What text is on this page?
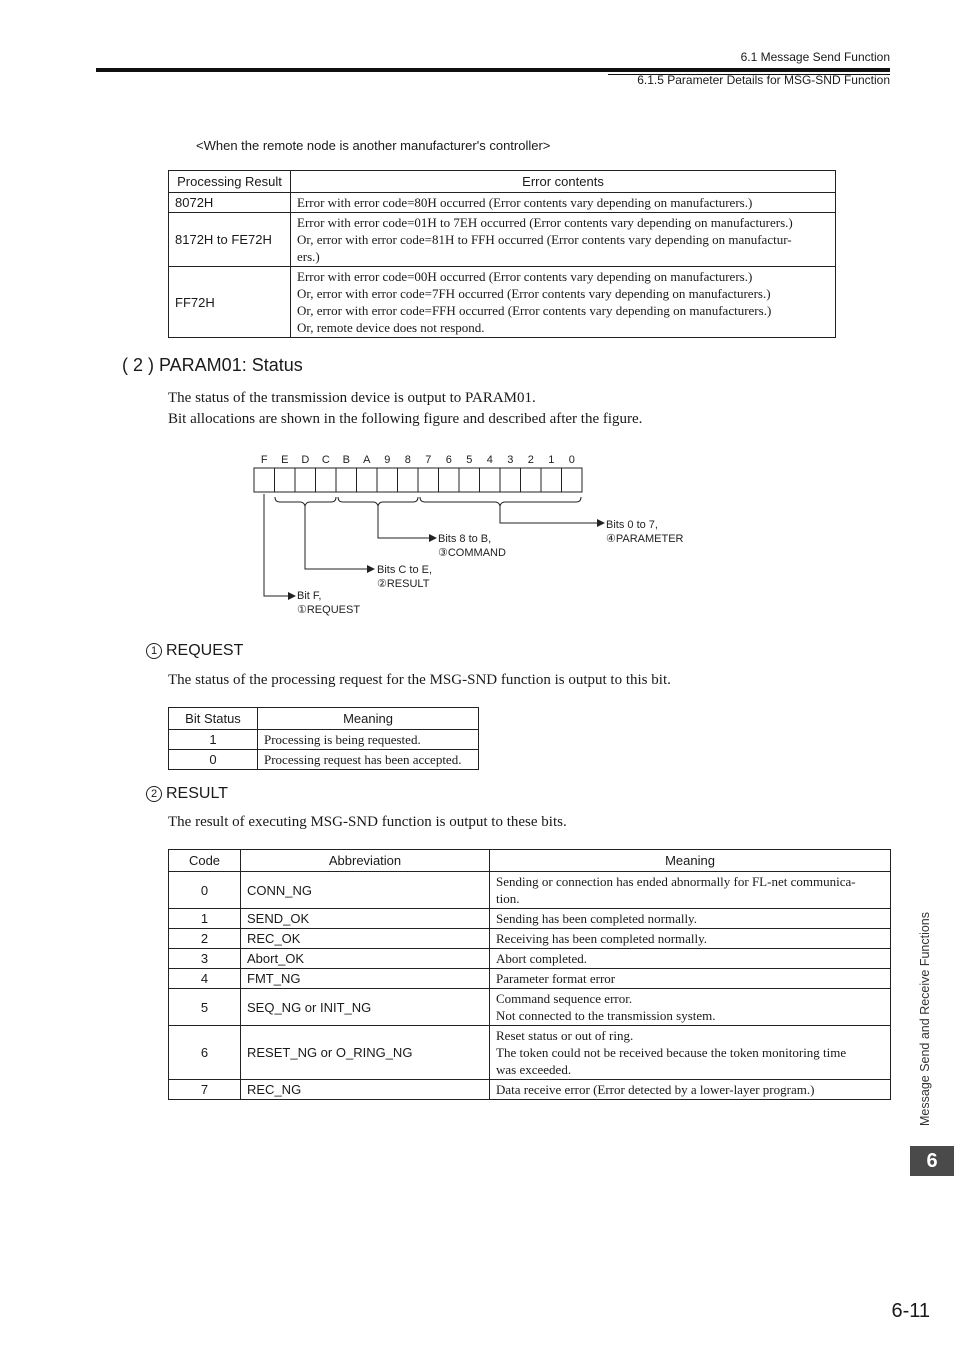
6.1 Message Send Function
6.1.5 Parameter Details for MSG-SND Function
<When the remote node is another manufacturer's controller>
Processing Result	Error contents
8072H	Error with error code=80H occurred (Error contents vary depending on manufacturers.)

8172H to FE72H	Error with error code=01H to 7EH occurred (Error contents vary depending on manufacturers.)
Or, error with error code=81H to FFH occurred (Error contents vary depending on manufactur-
ers.)

FF72H	Error with error code=00H occurred (Error contents vary depending on manufacturers.)
Or, error with error code=7FH occurred (Error contents vary depending on manufacturers.)
Or, error with error code=FFH occurred (Error contents vary depending on manufacturers.)
Or, remote device does not respond.
( 2 ) PARAM01: Status
The status of the transmission device is output to PARAM01.
Bit allocations are shown in the following figure and described after the figure.
F E D C B A 9 8 7 6 5 4 3 2 1 0
Bits 0 to 7,
④PARAMETER
Bits 8 to B,
③COMMAND
Bits C to E,
②RESULT
Bit F,
①REQUEST
1 REQUEST
The status of the processing request for the MSG-SND function is output to this bit.
Bit Status	Meaning
1	Processing is being requested.
0	Processing request has been accepted.
2 RESULT
The result of executing MSG-SND function is output to these bits.
Code	Abbreviation	Meaning
0	CONN_NG	Sending or connection has ended abnormally for FL-net communica-
tion.

1	SEND_OK	Sending has been completed normally.

2	REC_OK	Receiving has been completed normally.

3	Abort_OK	Abort completed.

4	FMT_NG	Parameter format error

5	SEQ_NG or INIT_NG	Command sequence error.
Not connected to the transmission system.

6	RESET_NG or O_RING_NG	Reset status or out of ring.
The token could not be received because the token monitoring time
was exceeded.

7	REC_NG	Data receive error (Error detected by a lower-layer program.)	Message Send and Receive Functions
6
6-11
